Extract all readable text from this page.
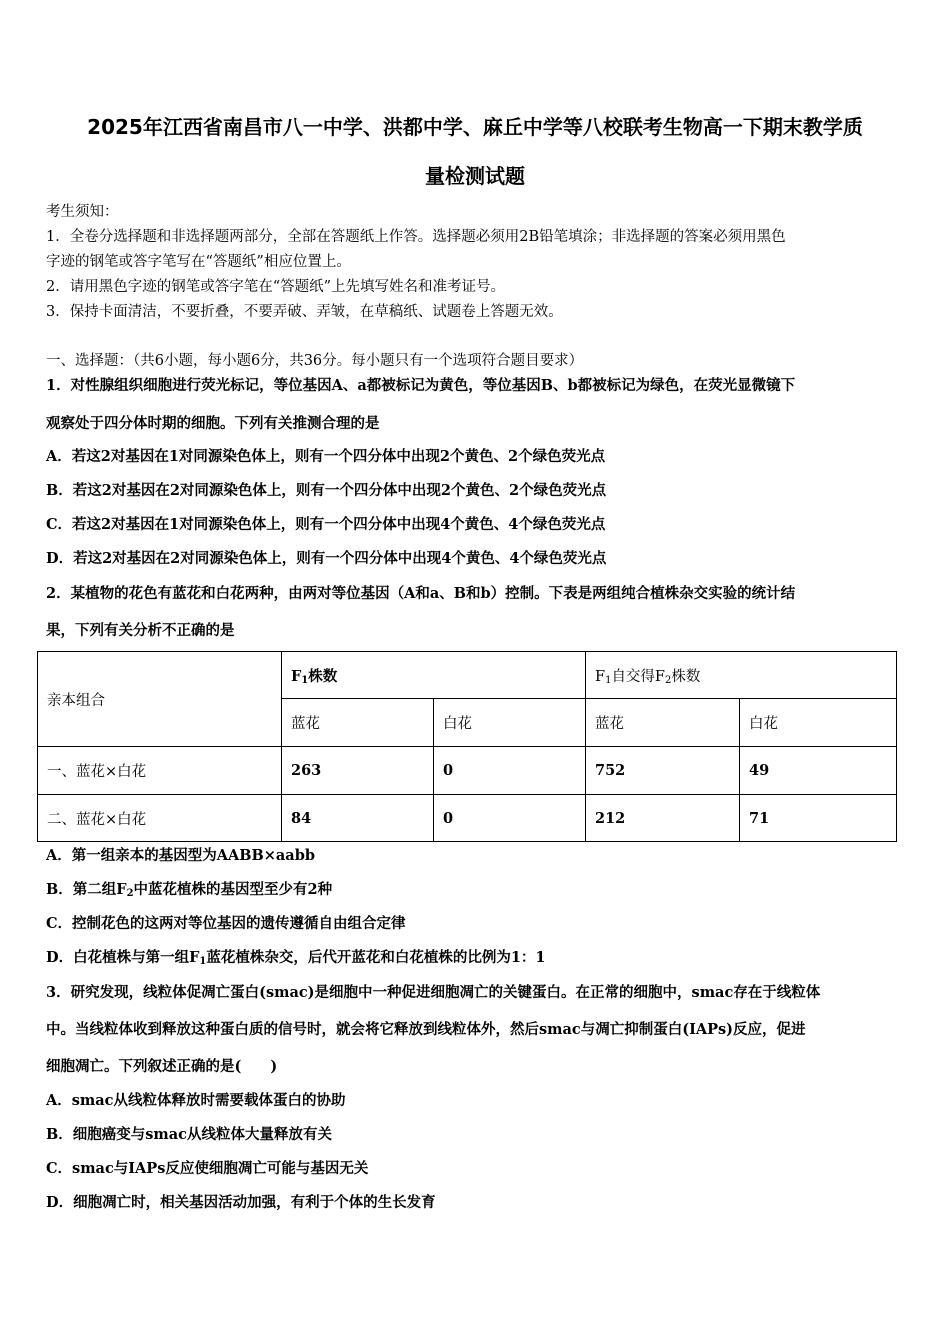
2025年江西省南昌市八一中学、洪都中学、麻丘中学等八校联考生物高一下期末教学质
量检测试题
考生须知：
1．全卷分选择题和非选择题两部分，全部在答题纸上作答。选择题必须用2B铅笔填涂；非选择题的答案必须用黑色
字迹的钢笔或答字笔写在“答题纸”相应位置上。
2．请用黑色字迹的钢笔或答字笔在“答题纸”上先填写姓名和准考证号。
3．保持卡面清洁，不要折叠，不要弄破、弄皱，在草稿纸、试题卷上答题无效。
一、选择题：（共6小题，每小题6分，共36分。每小题只有一个选项符合题目要求）
1．对性腺组织细胞进行荧光标记，等位基因A、a都被标记为黄色，等位基因B、b都被标记为绿色，在荧光显微镜下
观察处于四分体时期的细胞。下列有关推测合理的是
A．若这2对基因在1对同源染色体上，则有一个四分体中出现2个黄色、2个绿色荧光点
B．若这2对基因在2对同源染色体上，则有一个四分体中出现2个黄色、2个绿色荧光点
C．若这2对基因在1对同源染色体上，则有一个四分体中出现4个黄色、4个绿色荧光点
D．若这2对基因在2对同源染色体上，则有一个四分体中出现4个黄色、4个绿色荧光点
2．某植物的花色有蓝花和白花两种，由两对等位基因（A和a、B和b）控制。下表是两组纯合植株杂交实验的统计结
果，下列有关分析不正确的是
亲本组合	$F_1$株数		$F_1$自交得$F_2$株数	
	蓝花	白花	蓝花	白花
一、蓝花×白花	263	0	752	49
二、蓝花×白花	84	0	212	71
A．第一组亲本的基因型为AABB×aabb
B．第二组$F_2$中蓝花植株的基因型至少有2种
C．控制花色的这两对等位基因的遗传遵循自由组合定律
D．白花植株与第一组$F_1$蓝花植株杂交，后代开蓝花和白花植株的比例为1：1
3．研究发现，线粒体促凋亡蛋白(smac)是细胞中一种促进细胞凋亡的关键蛋白。在正常的细胞中，smac存在于线粒体
中。当线粒体收到释放这种蛋白质的信号时，就会将它释放到线粒体外，然后smac与凋亡抑制蛋白(IAPs)反应，促进
细胞凋亡。下列叙述正确的是(　　)
A．smac从线粒体释放时需要载体蛋白的协助
B．细胞癌变与smac从线粒体大量释放有关
C．smac与IAPs反应使细胞凋亡可能与基因无关
D．细胞凋亡时，相关基因活动加强，有利于个体的生长发育
